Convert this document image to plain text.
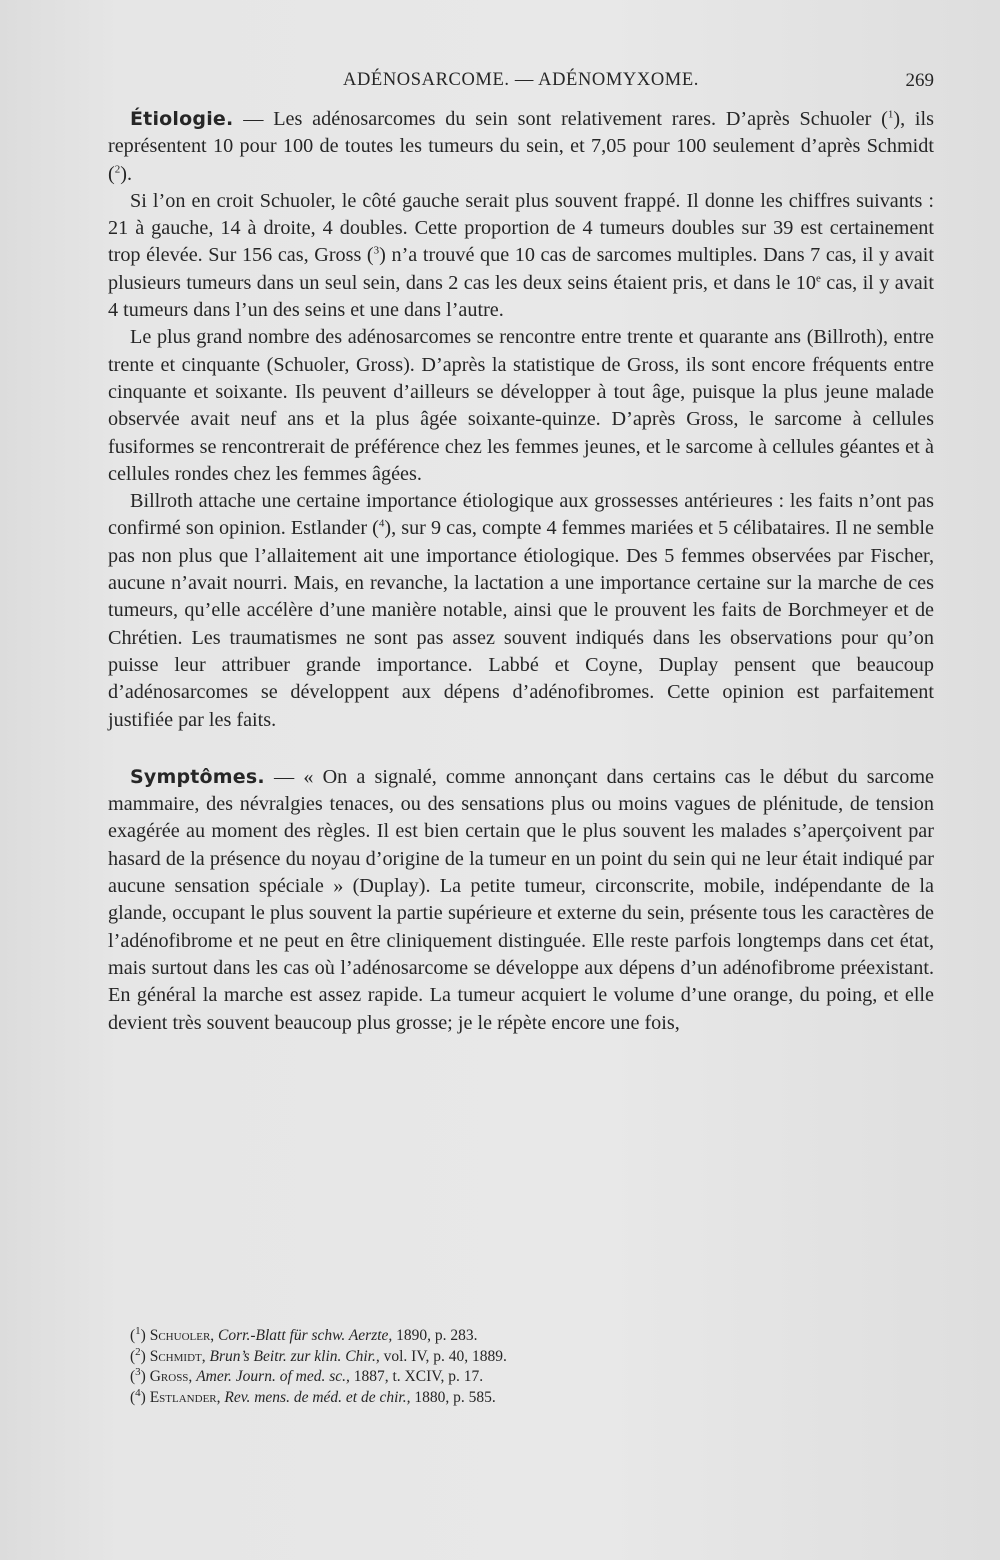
ADÉNOSARCOME. — ADÉNOMYXOME.	269

Étiologie. — Les adénosarcomes du sein sont relativement rares. D’après Schuoler ($^1$), ils représentent 10 pour 100 de toutes les tumeurs du sein, et 7,05 pour 100 seulement d’après Schmidt ($^2$).

Si l’on en croit Schuoler, le côté gauche serait plus souvent frappé. Il donne les chiffres suivants : 21 à gauche, 14 à droite, 4 doubles. Cette proportion de 4 tumeurs doubles sur 39 est certainement trop élevée. Sur 156 cas, Gross ($^3$) n’a trouvé que 10 cas de sarcomes multiples. Dans 7 cas, il y avait plusieurs tumeurs dans un seul sein, dans 2 cas les deux seins étaient pris, et dans le 10e cas, il y avait 4 tumeurs dans l’un des seins et une dans l’autre.

Le plus grand nombre des adénosarcomes se rencontre entre trente et quarante ans (Billroth), entre trente et cinquante (Schuoler, Gross). D’après la statistique de Gross, ils sont encore fréquents entre cinquante et soixante. Ils peuvent d’ailleurs se développer à tout âge, puisque la plus jeune malade observée avait neuf ans et la plus âgée soixante-quinze. D’après Gross, le sarcome à cellules fusiformes se rencontrerait de préférence chez les femmes jeunes, et le sarcome à cellules géantes et à cellules rondes chez les femmes âgées.

Billroth attache une certaine importance étiologique aux grossesses antérieures : les faits n’ont pas confirmé son opinion. Estlander ($^4$), sur 9 cas, compte 4 femmes mariées et 5 célibataires. Il ne semble pas non plus que l’allaitement ait une importance étiologique. Des 5 femmes observées par Fischer, aucune n’avait nourri. Mais, en revanche, la lactation a une importance certaine sur la marche de ces tumeurs, qu’elle accélère d’une manière notable, ainsi que le prouvent les faits de Borchmeyer et de Chrétien. Les traumatismes ne sont pas assez souvent indiqués dans les observations pour qu’on puisse leur attribuer grande importance. Labbé et Coyne, Duplay pensent que beaucoup d’adénosarcomes se développent aux dépens d’adénofibromes. Cette opinion est parfaitement justifiée par les faits.

Symptômes. — « On a signalé, comme annonçant dans certains cas le début du sarcome mammaire, des névralgies tenaces, ou des sensations plus ou moins vagues de plénitude, de tension exagérée au moment des règles. Il est bien certain que le plus souvent les malades s’aperçoivent par hasard de la présence du noyau d’origine de la tumeur en un point du sein qui ne leur était indiqué par aucune sensation spéciale » (Duplay). La petite tumeur, circonscrite, mobile, indépendante de la glande, occupant le plus souvent la partie supérieure et externe du sein, présente tous les caractères de l’adénofibrome et ne peut en être cliniquement distinguée. Elle reste parfois longtemps dans cet état, mais surtout dans les cas où l’adénosarcome se développe aux dépens d’un adénofibrome préexistant. En général la marche est assez rapide. La tumeur acquiert le volume d’une orange, du poing, et elle devient très souvent beaucoup plus grosse; je le répète encore une fois,

($^1$) Schuoler, Corr.-Blatt für schw. Aerzte, 1890, p. 283.
($^2$) Schmidt, Brun’s Beitr. zur klin. Chir., vol. IV, p. 40, 1889.
($^3$) Gross, Amer. Journ. of med. sc., 1887, t. XCIV, p. 17.
($^4$) Estlander, Rev. mens. de méd. et de chir., 1880, p. 585.
